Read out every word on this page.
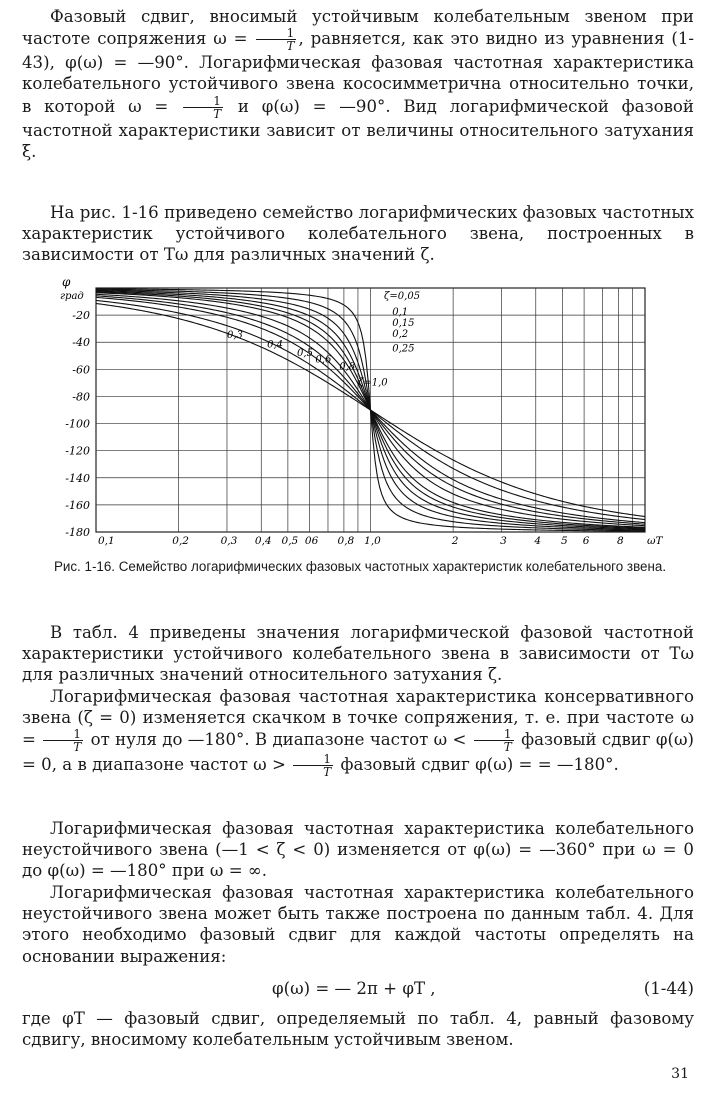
Фазовый сдвиг, вносимый устойчивым колебательным звеном при частоте сопряжения $\omega = \frac{1}{T}$ , равняется, как это видно из уравнения (1-43), φ(ω) = —90°. Логарифмическая фазовая частотная характеристика колебательного устойчивого звена кососимметрична относительно точки, в которой $\omega = \frac{1}{T}$ и φ(ω) = —90°. Вид логарифмической фазовой частотной характеристики зависит от величины относительного затухания ξ.

На рис. 1-16 приведено семейство логарифмических фазовых частотных характеристик устойчивого колебательного звена, построенных в зависимости от Tω для различных значений ζ.

-20
-40
-60
-80
-100
-120
-140
-160
-180
φ
град
0,1	0,2	0,3 0,4 0,5 06 0,8 1,0	2	3	4 5 6	8 ωT
ζ=0,05
0,1
0,15
0,2
0,25
0,3
0,4
0,5
0,6
0,8
ζ=1,0

Рис. 1-16. Семейство логарифмических фазовых частотных характеристик колебательного звена.

В табл. 4 приведены значения логарифмической фазовой частотной характеристики устойчивого колебательного звена в зависимости от Tω для различных значений относительного затухания ζ.

Логарифмическая фазовая частотная характеристика консервативного звена (ζ = 0) изменяется скачком в точке сопряжения, т. е. при частоте $\omega = \frac{1}{T}$ от нуля до —180°. В диапазоне частот $\omega < \frac{1}{T}$ фазовый сдвиг φ(ω) = 0, а в диапазоне частот $\omega > \frac{1}{T}$ фазовый сдвиг φ(ω) = = —180°.

Логарифмическая фазовая частотная характеристика колебательного неустойчивого звена (—1 < ζ < 0) изменяется от φ(ω) = —360° при ω = 0 до φ(ω) = —180° при ω = ∞.

Логарифмическая фазовая частотная характеристика колебательного неустойчивого звена может быть также построена по данным табл. 4. Для этого необходимо фазовый сдвиг для каждой частоты определять на основании выражения:

φ(ω) = — 2π + φT ,	(1-44)

где φT — фазовый сдвиг, определяемый по табл. 4, равный фазовому сдвигу, вносимому колебательным устойчивым звеном.

31
